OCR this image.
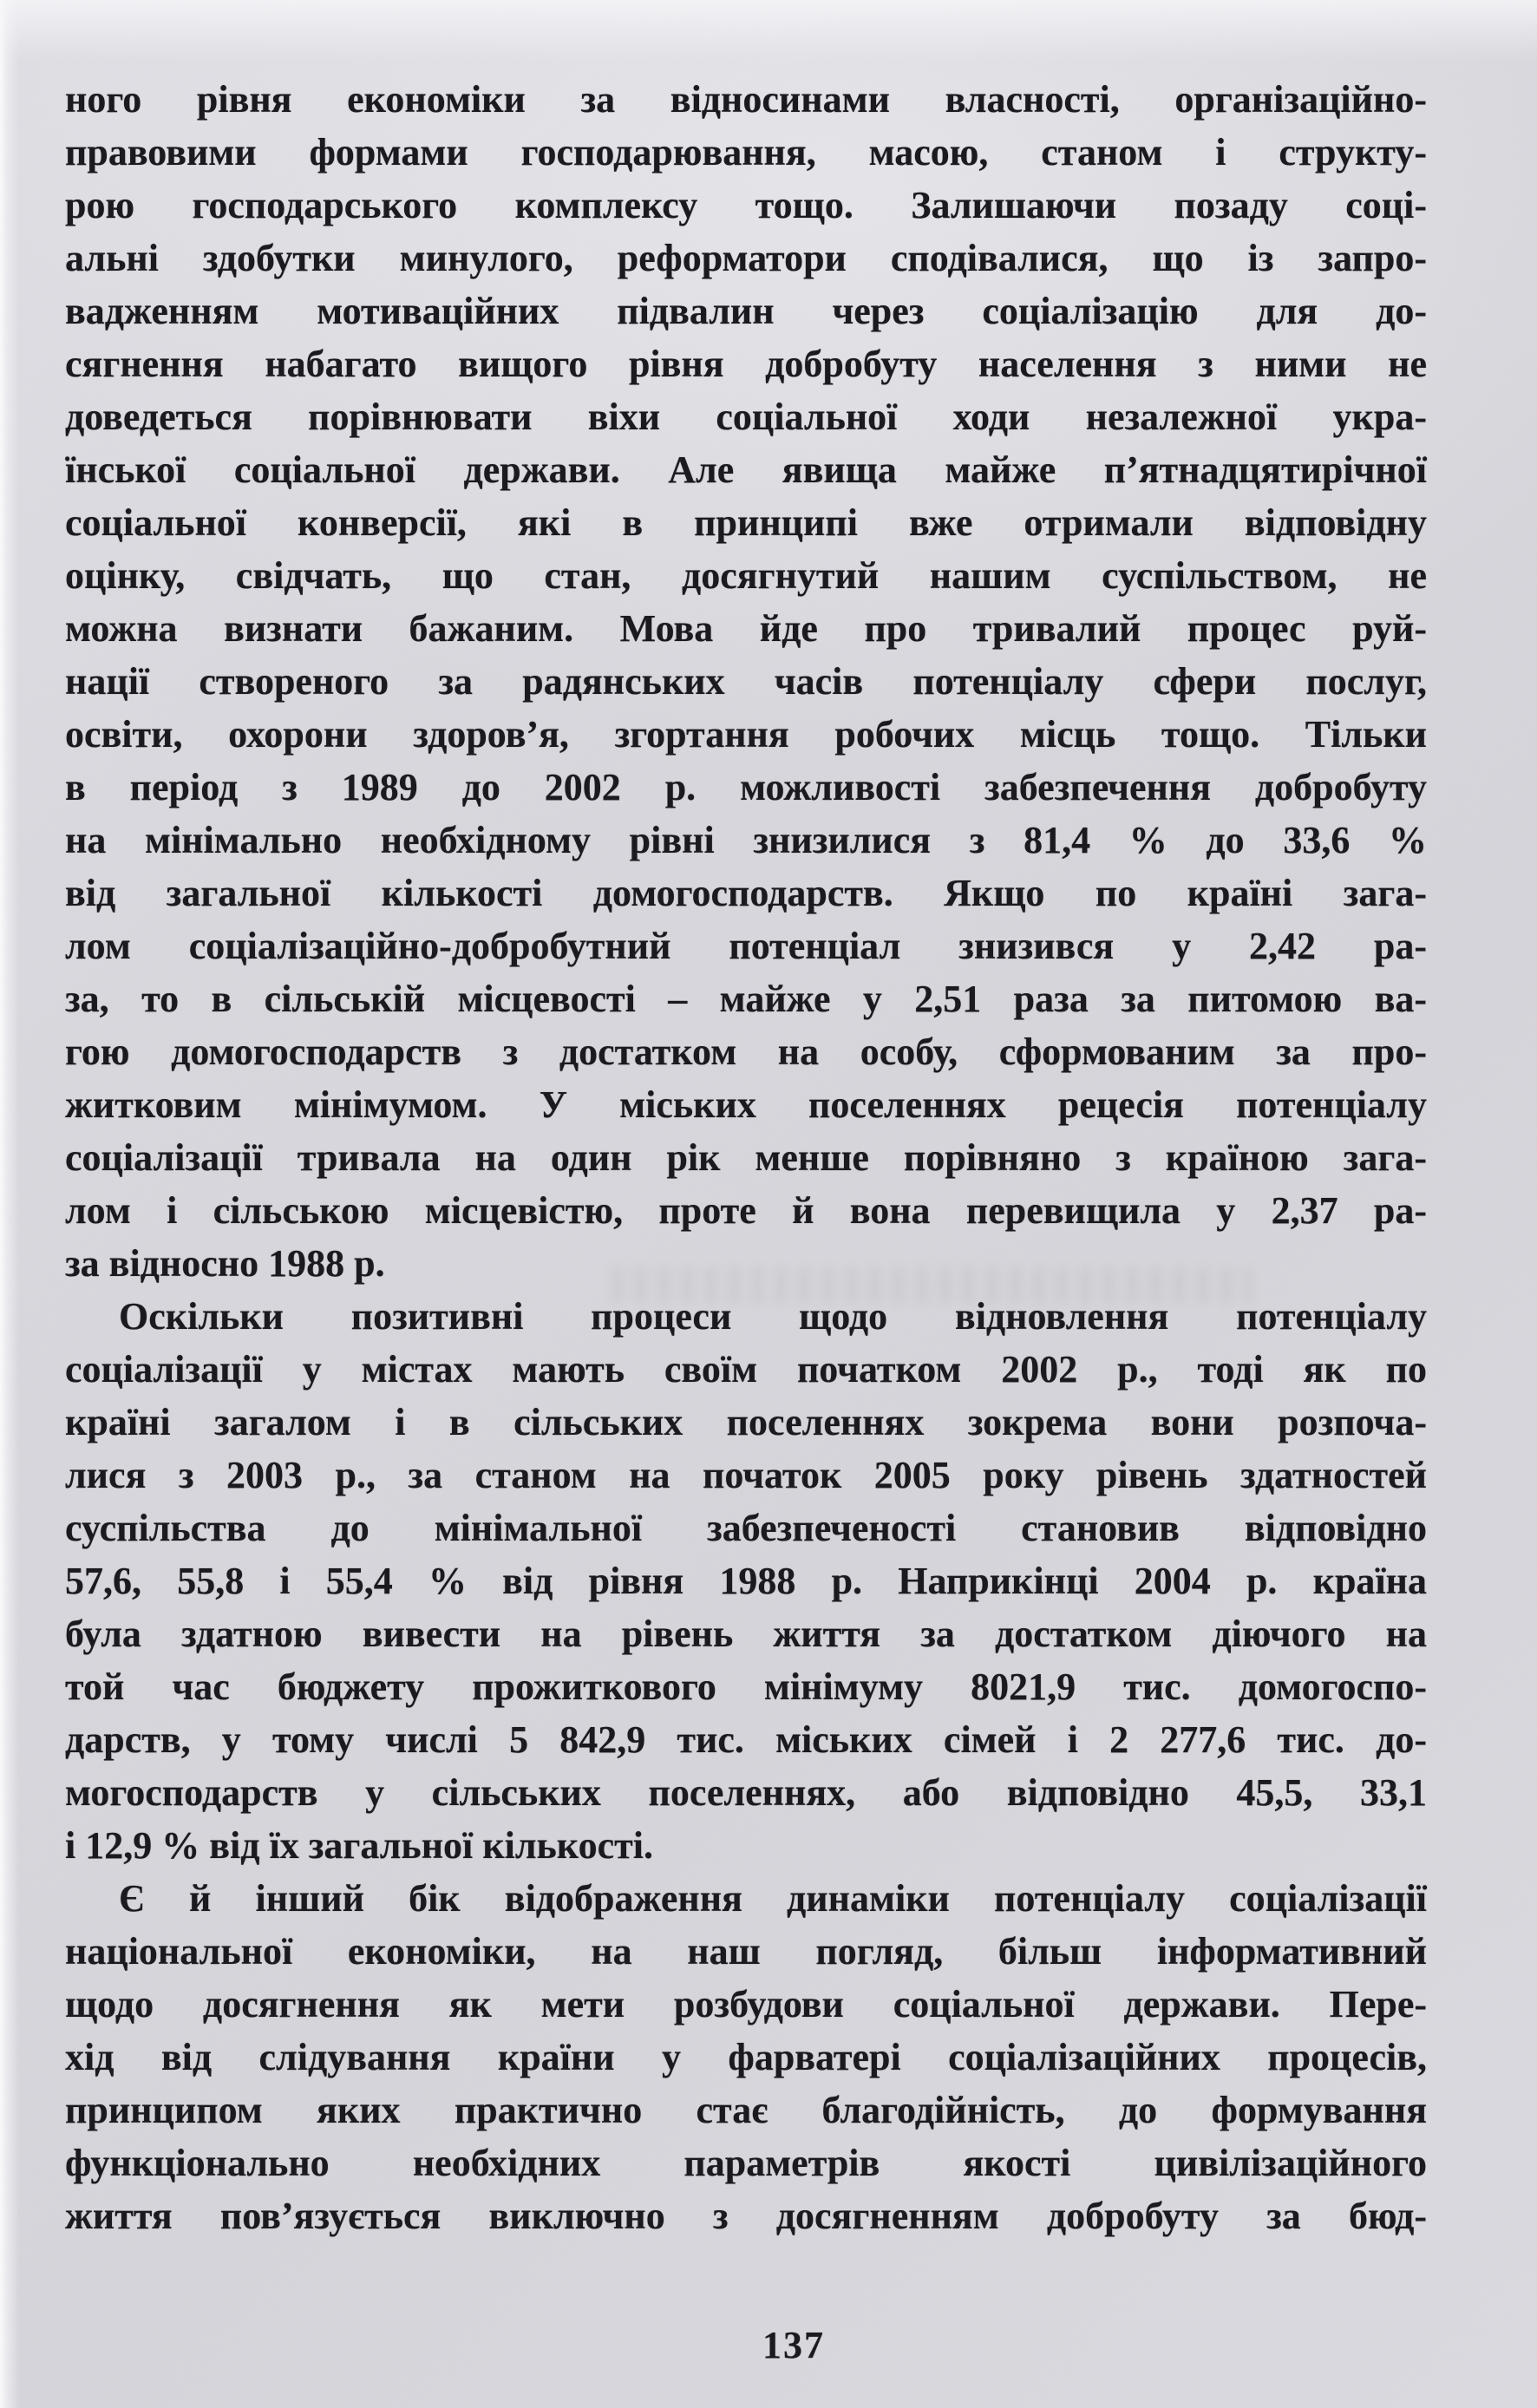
ного рівня економіки за відносинами власності, організаційно-
правовими формами господарювання, масою, станом і структу-
рою господарського комплексу тощо. Залишаючи позаду соці-
альні здобутки минулого, реформатори сподівалися, що із запро-
вадженням мотиваційних підвалин через соціалізацію для до-
сягнення набагато вищого рівня добробуту населення з ними не
доведеться порівнювати віхи соціальної ходи незалежної укра-
їнської соціальної держави. Але явища майже п’ятнадцятирічної
соціальної конверсії, які в принципі вже отримали відповідну
оцінку, свідчать, що стан, досягнутий нашим суспільством, не
можна визнати бажаним. Мова йде про тривалий процес руй-
нації створеного за радянських часів потенціалу сфери послуг,
освіти, охорони здоров’я, згортання робочих місць тощо. Тільки
в період з 1989 до 2002 р. можливості забезпечення добробуту
на мінімально необхідному рівні знизилися з 81,4 % до 33,6 %
від загальної кількості домогосподарств. Якщо по країні зага-
лом соціалізаційно-добробутний потенціал знизився у 2,42 ра-
за, то в сільській місцевості – майже у 2,51 раза за питомою ва-
гою домогосподарств з достатком на особу, сформованим за про-
житковим мінімумом. У міських поселеннях рецесія потенціалу
соціалізації тривала на один рік менше порівняно з країною зага-
лом і сільською місцевістю, проте й вона перевищила у 2,37 ра-
за відносно 1988 р.
Оскільки позитивні процеси щодо відновлення потенціалу
соціалізації у містах мають своїм початком 2002 р., тоді як по
країні загалом і в сільських поселеннях зокрема вони розпоча-
лися з 2003 р., за станом на початок 2005 року рівень здатностей
суспільства до мінімальної забезпеченості становив відповідно
57,6, 55,8 і 55,4 % від рівня 1988 р. Наприкінці 2004 р. країна
була здатною вивести на рівень життя за достатком діючого на
той час бюджету прожиткового мінімуму 8021,9 тис. домогоспо-
дарств, у тому числі 5 842,9 тис. міських сімей і 2 277,6 тис. до-
могосподарств у сільських поселеннях, або відповідно 45,5, 33,1
і 12,9 % від їх загальної кількості.
Є й інший бік відображення динаміки потенціалу соціалізації
національної економіки, на наш погляд, більш інформативний
щодо досягнення як мети розбудови соціальної держави. Пере-
хід від слідування країни у фарватері соціалізаційних процесів,
принципом яких практично стає благодійність, до формування
функціонально необхідних параметрів якості цивілізаційного
життя пов’язується виключно з досягненням добробуту за бюд-
137
